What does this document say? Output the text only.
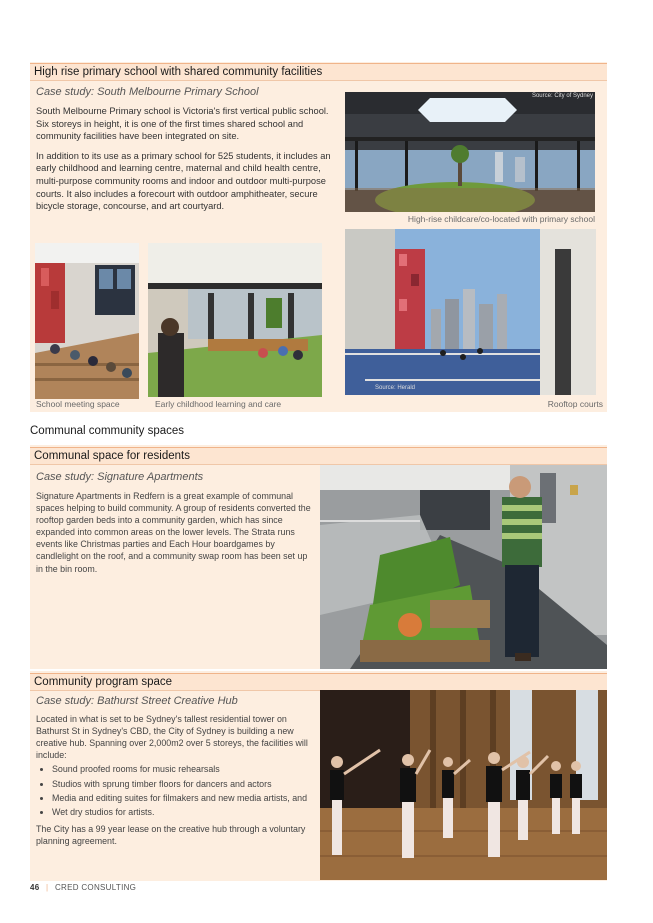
High rise primary school with shared community facilities
Case study: South Melbourne Primary School

South Melbourne Primary school is Victoria's first vertical public school. Six storeys in height, it is one of the first times shared school and community facilities have been integrated on site.

In addition to its use as a primary school for 525 students, it includes an early childhood and learning centre, maternal and child health centre, multi-purpose community rooms and indoor and outdoor multi-purpose courts. It also includes a forecourt with outdoor amphitheater, secure bicycle storage, concourse, and art courtyard.

Source: City of Sydney
High-rise childcare/co-located with primary school
School meeting space	Early childhood learning and care
Source: Herald
Rooftop courts
Communal community spaces
Communal space for residents
Case study: Signature Apartments

Signature Apartments in Redfern is a great example of communal spaces helping to build community. A group of residents converted the rooftop garden beds into a community garden, which has since expanded into common areas on the lower levels. The Strata runs events like Christmas parties and Each Hour boardgames by candlelight on the roof, and a community swap room has been set up in the bin room.

Community program space
Case study: Bathurst Street Creative Hub

Located in what is set to be Sydney's tallest residential tower on Bathurst St in Sydney's CBD, the City of Sydney is building a new creative hub. Spanning over 2,000m2 over 5 storeys, the facilities will include:

• Sound proofed rooms for music rehearsals
• Studios with sprung timber floors for dancers and actors
• Media and editing suites for filmakers and new media artists, and
• Wet dry studios for artists.

The City has a 99 year lease on the creative hub through a voluntary planning agreement.

46 | CRED CONSULTING
